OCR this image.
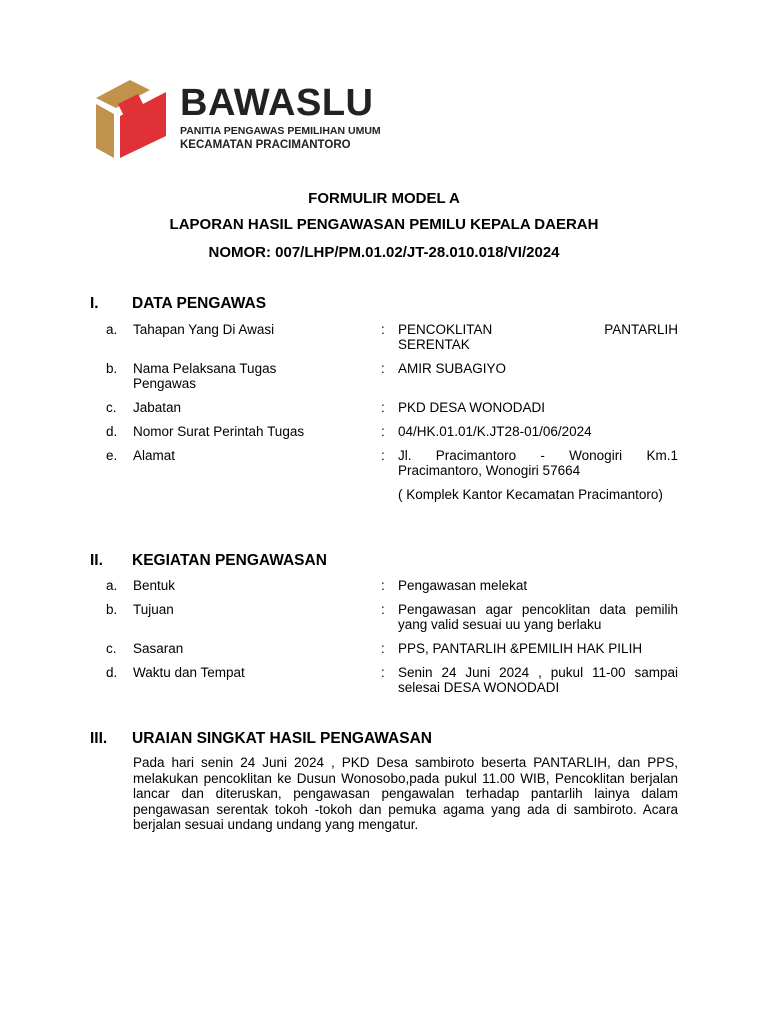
BAWASLU
PANITIA PENGAWAS PEMILIHAN UMUM
KECAMATAN PRACIMANTORO
FORMULIR MODEL A
LAPORAN HASIL PENGAWASAN PEMILU KEPALA DAERAH
NOMOR: 007/LHP/PM.01.02/JT-28.010.018/VI/2024
I. DATA PENGAWAS
a. Tahapan Yang Di Awasi	: PENCOKLITAN	PANTARLIH
SERENTAK
b. Nama Pelaksana Tugas Pengawas
: AMIR SUBAGIYO
c. Jabatan	: PKD DESA WONODADI
d. Nomor Surat Perintah Tugas	: 04/HK.01.01/K.JT28-01/06/2024
e. Alamat	: Jl. Pracimantoro - Wonogiri Km.1 Pracimantoro, Wonogiri 57664
( Komplek Kantor Kecamatan Pracimantoro)
II. KEGIATAN PENGAWASAN
a. Bentuk	: Pengawasan melekat
b. Tujuan	: Pengawasan agar pencoklitan data pemilih yang valid sesuai uu yang berlaku
c. Sasaran	: PPS, PANTARLIH &PEMILIH HAK PILIH
d. Waktu dan Tempat	: Senin 24 Juni 2024 , pukul 11-00 sampai selesai DESA WONODADI
III. URAIAN SINGKAT HASIL PENGAWASAN
Pada hari senin 24 Juni 2024 , PKD Desa sambiroto beserta PANTARLIH, dan PPS, melakukan pencoklitan ke Dusun Wonosobo,pada pukul 11.00 WIB, Pencoklitan berjalan lancar dan diteruskan, pengawasan pengawalan terhadap pantarlih lainya dalam pengawasan serentak tokoh -tokoh dan pemuka agama yang ada di sambiroto. Acara berjalan sesuai undang undang yang mengatur.
